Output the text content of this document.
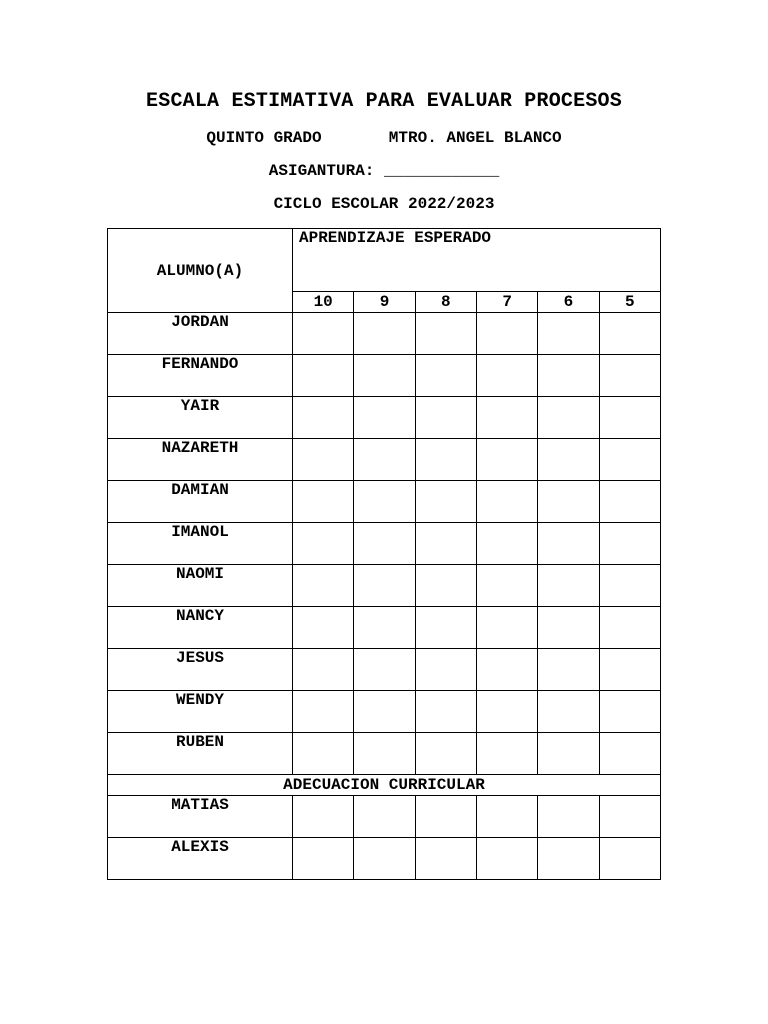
ESCALA ESTIMATIVA PARA EVALUAR PROCESOS
QUINTO GRADO       MTRO. ANGEL BLANCO
ASIGANTURA: ____________
CICLO ESCOLAR 2022/2023
ALUMNO(A)	APRENDIZAJE ESPERADO					
	10	9	8	7	6	5
JORDAN						
FERNANDO						
YAIR						
NAZARETH						
DAMIAN						
IMANOL						
NAOMI						
NANCY						
JESUS						
WENDY						
RUBEN						
ADECUACION CURRICULAR						
MATIAS						
ALEXIS						
